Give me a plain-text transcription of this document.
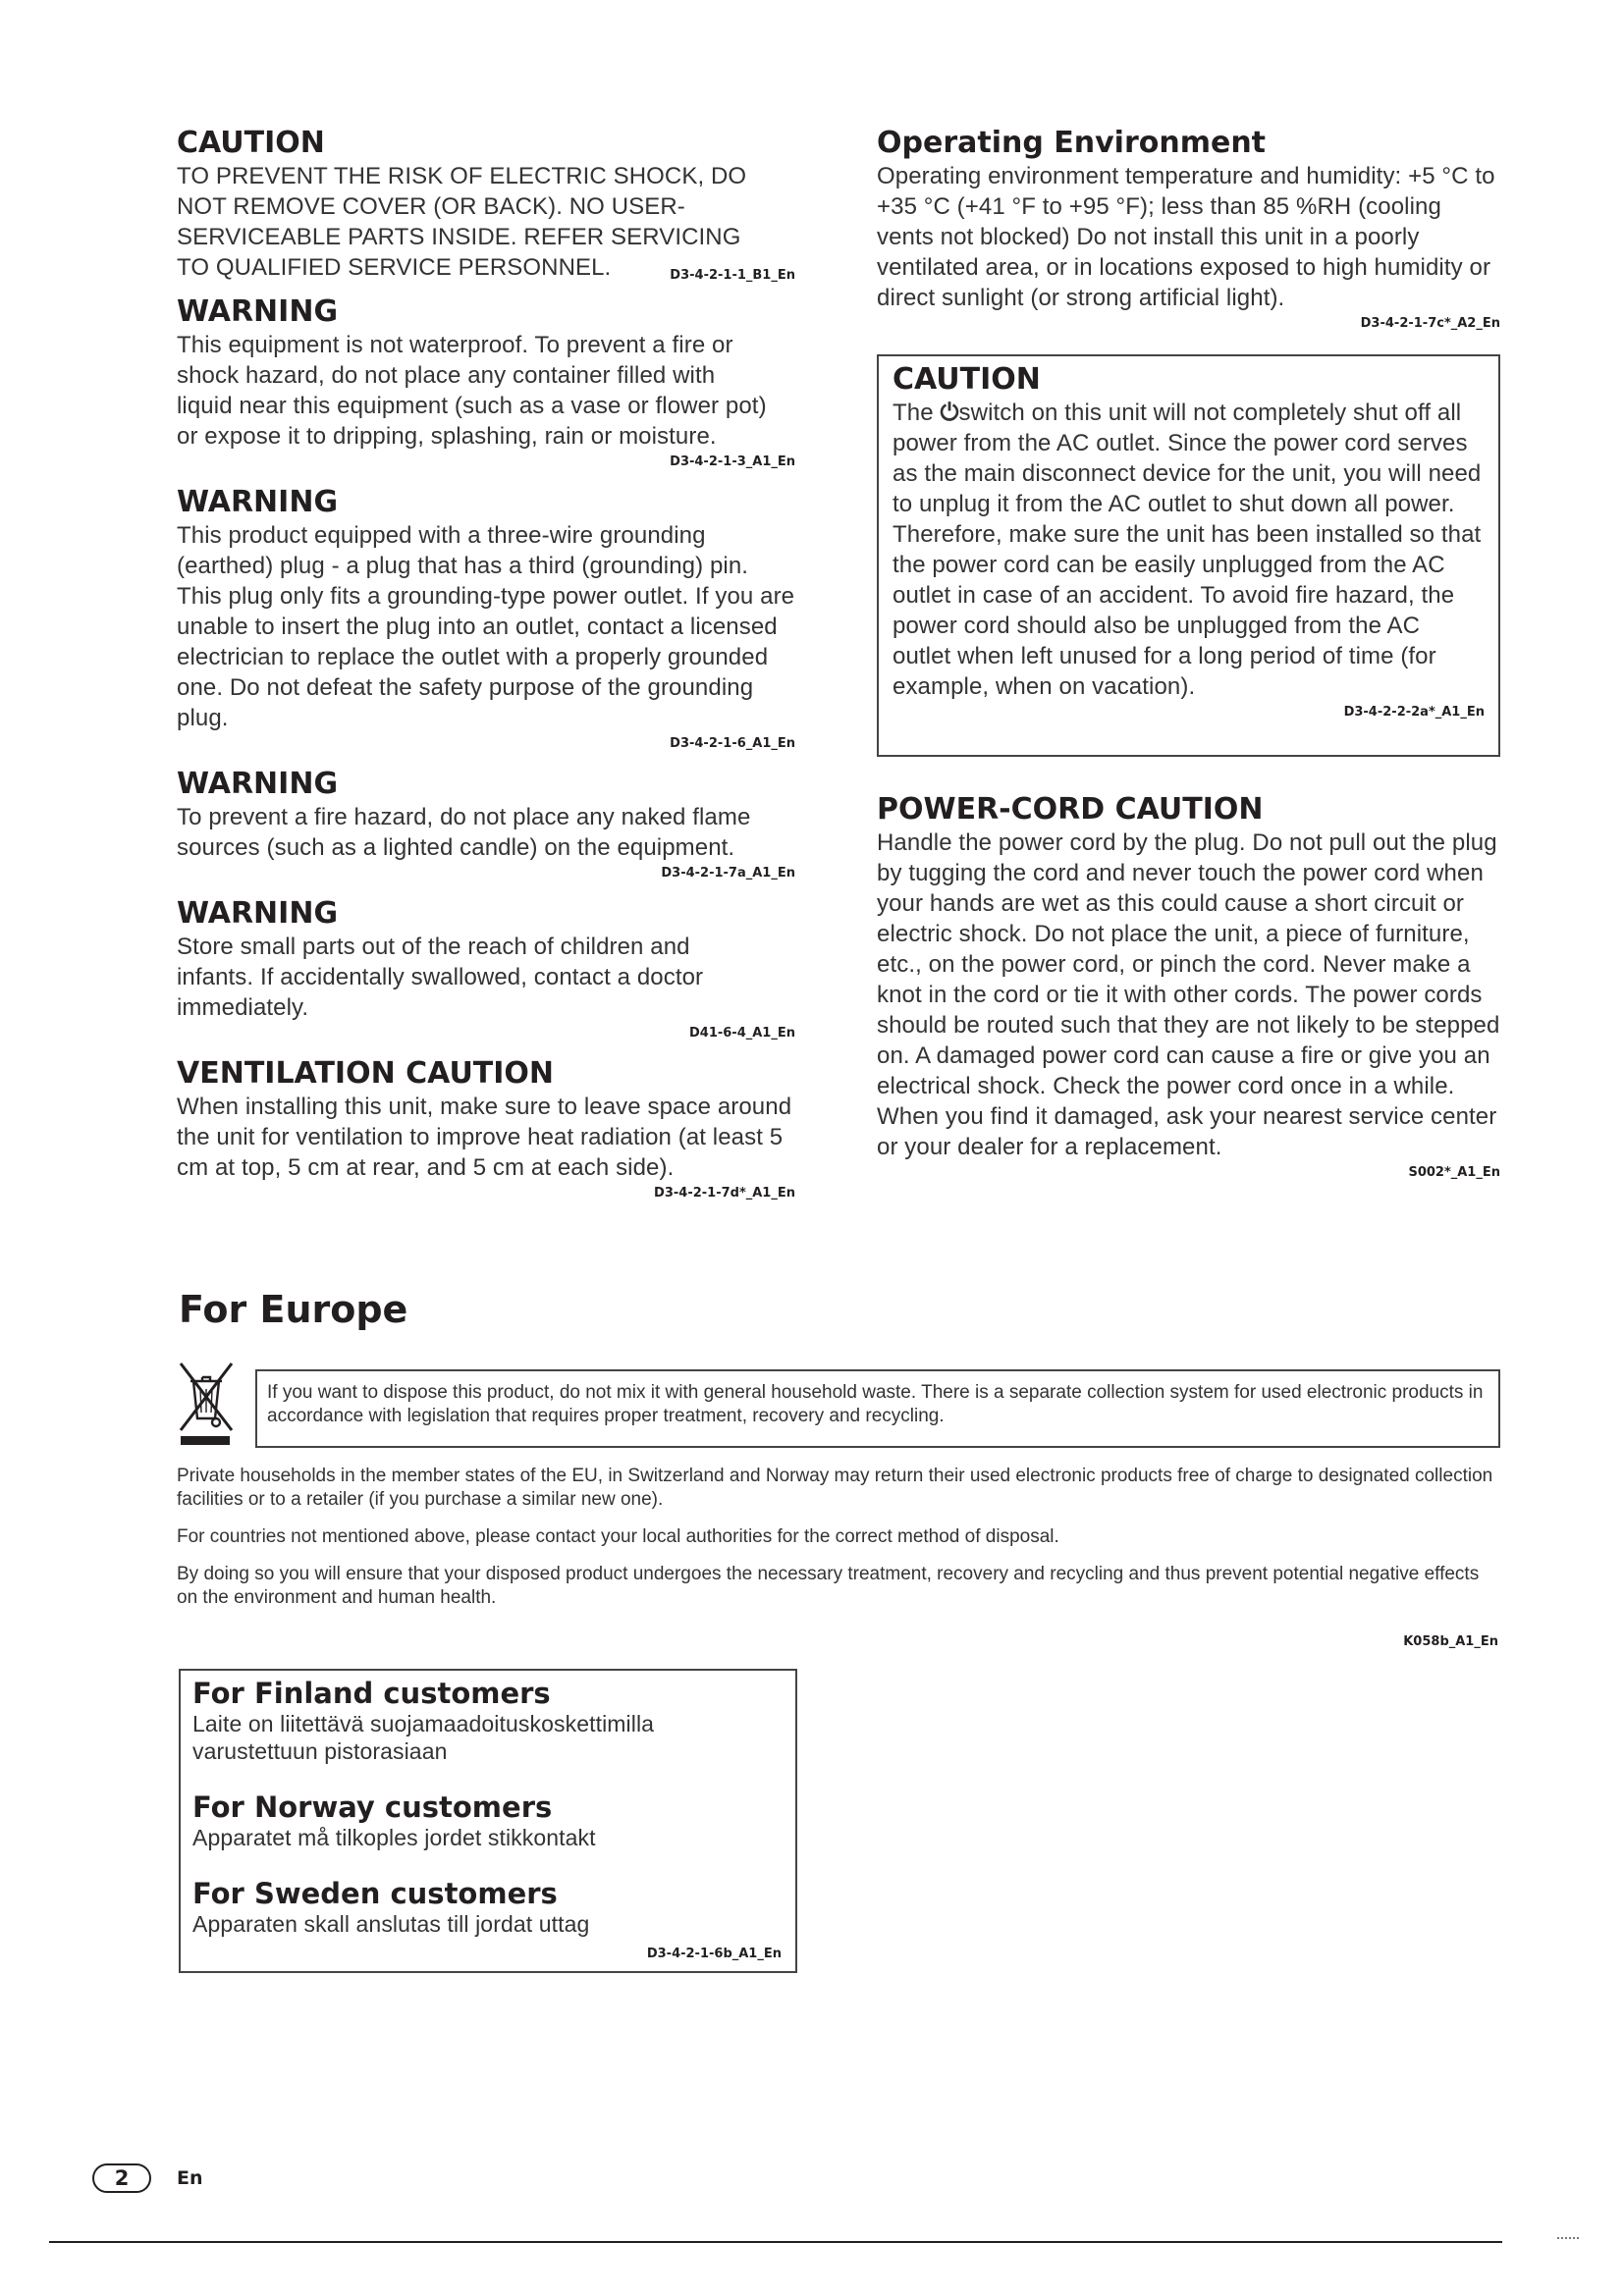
CAUTION

TO PREVENT THE RISK OF ELECTRIC SHOCK, DO NOT REMOVE COVER (OR BACK). NO USER-SERVICEABLE PARTS INSIDE. REFER SERVICING TO QUALIFIED SERVICE PERSONNEL.	D3-4-2-1-1_B1_En

WARNING

This equipment is not waterproof. To prevent a fire or shock hazard, do not place any container filled with liquid near this equipment (such as a vase or flower pot) or expose it to dripping, splashing, rain or moisture.

D3-4-2-1-3_A1_En

WARNING

This product equipped with a three-wire grounding (earthed) plug - a plug that has a third (grounding) pin. This plug only fits a grounding-type power outlet. If you are unable to insert the plug into an outlet, contact a licensed electrician to replace the outlet with a properly grounded one. Do not defeat the safety purpose of the grounding plug.

D3-4-2-1-6_A1_En

WARNING

To prevent a fire hazard, do not place any naked flame sources (such as a lighted candle) on the equipment.

D3-4-2-1-7a_A1_En

WARNING

Store small parts out of the reach of children and infants. If accidentally swallowed, contact a doctor immediately.

D41-6-4_A1_En

VENTILATION CAUTION

When installing this unit, make sure to leave space around the unit for ventilation to improve heat radiation (at least 5 cm at top, 5 cm at rear, and 5 cm at each side).

D3-4-2-1-7d*_A1_En

Operating Environment

Operating environment temperature and humidity: +5 °C to +35 °C (+41 °F to +95 °F); less than 85 %RH (cooling vents not blocked) Do not install this unit in a poorly ventilated area, or in locations exposed to high humidity or direct sunlight (or strong artificial light).

D3-4-2-1-7c*_A2_En

CAUTION

The ⏻switch on this unit will not completely shut off all power from the AC outlet. Since the power cord serves as the main disconnect device for the unit, you will need to unplug it from the AC outlet to shut down all power. Therefore, make sure the unit has been installed so that the power cord can be easily unplugged from the AC outlet in case of an accident. To avoid fire hazard, the power cord should also be unplugged from the AC outlet when left unused for a long period of time (for example, when on vacation).

D3-4-2-2-2a*_A1_En

POWER-CORD CAUTION

Handle the power cord by the plug. Do not pull out the plug by tugging the cord and never touch the power cord when your hands are wet as this could cause a short circuit or electric shock. Do not place the unit, a piece of furniture, etc., on the power cord, or pinch the cord. Never make a knot in the cord or tie it with other cords. The power cords should be routed such that they are not likely to be stepped on. A damaged power cord can cause a fire or give you an electrical shock. Check the power cord once in a while. When you find it damaged, ask your nearest service center or your dealer for a replacement.

S002*_A1_En

For Europe
If you want to dispose this product, do not mix it with general household waste. There is a separate collection system for used electronic products in accordance with legislation that requires proper treatment, recovery and recycling.

Private households in the member states of the EU, in Switzerland and Norway may return their used electronic products free of charge to designated collection facilities or to a retailer (if you purchase a similar new one).

For countries not mentioned above, please contact your local authorities for the correct method of disposal.

By doing so you will ensure that your disposed product undergoes the necessary treatment, recovery and recycling and thus prevent potential negative effects on the environment and human health.

K058b_A1_En

For Finland customers

Laite on liitettävä suojamaadoituskoskettimilla varustettuun pistorasiaan

For Norway customers

Apparatet må tilkoples jordet stikkontakt

For Sweden customers

Apparaten skall anslutas till jordat uttag

D3-4-2-1-6b_A1_En

2	En
